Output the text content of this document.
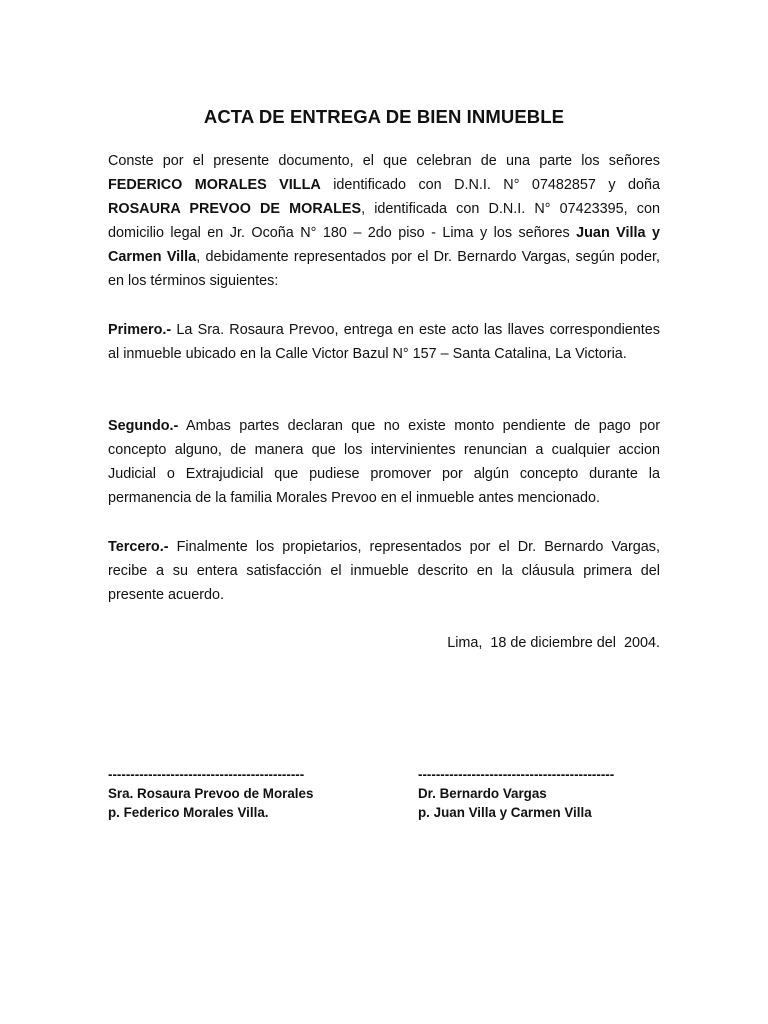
ACTA DE ENTREGA DE BIEN INMUEBLE

Conste por el presente documento, el que celebran de una parte los señores FEDERICO MORALES VILLA identificado con D.N.I. N° 07482857 y doña ROSAURA PREVOO DE MORALES, identificada con D.N.I. N° 07423395, con domicilio legal en Jr. Ocoña N° 180 – 2do piso - Lima y los señores Juan Villa y Carmen Villa, debidamente representados por el Dr. Bernardo Vargas, según poder, en los términos siguientes:

Primero.- La Sra. Rosaura Prevoo, entrega en este acto las llaves correspondientes al inmueble ubicado en la Calle Victor Bazul N° 157 – Santa Catalina, La Victoria.

Segundo.- Ambas partes declaran que no existe monto pendiente de pago por concepto alguno, de manera que los intervinientes renuncian a cualquier accion Judicial o Extrajudicial que pudiese promover por algún concepto durante la permanencia de la familia Morales Prevoo en el inmueble antes mencionado.

Tercero.- Finalmente los propietarios, representados por el Dr. Bernardo Vargas, recibe a su entera satisfacción el inmueble descrito en la cláusula primera del presente acuerdo.

Lima,  18 de diciembre del  2004.

--------------------------------------------
Sra. Rosaura Prevoo de Morales
p. Federico Morales Villa.
--------------------------------------------
Dr. Bernardo Vargas
p. Juan Villa y Carmen Villa
